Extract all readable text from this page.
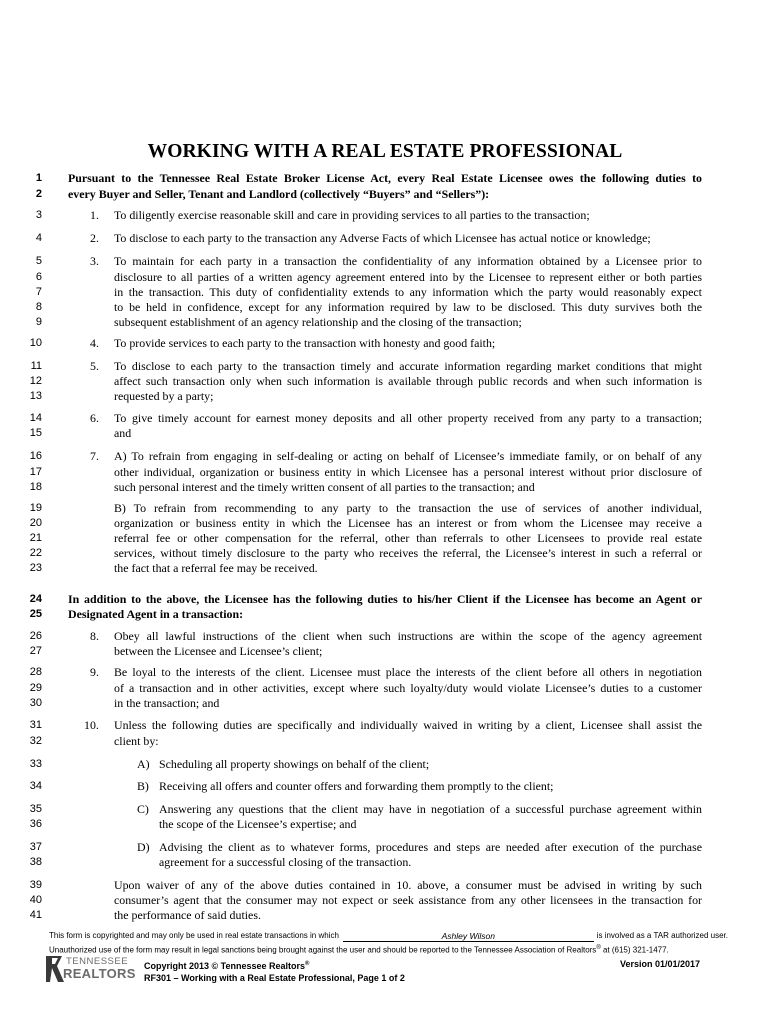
WORKING WITH A REAL ESTATE PROFESSIONAL
1 Pursuant to the Tennessee Real Estate Broker License Act, every Real Estate Licensee owes the following duties to
2 every Buyer and Seller, Tenant and Landlord (collectively “Buyers” and “Sellers”):
3	1. To diligently exercise reasonable skill and care in providing services to all parties to the transaction;
4	2. To disclose to each party to the transaction any Adverse Facts of which Licensee has actual notice or knowledge;
5	3. To maintain for each party in a transaction the confidentiality of any information obtained by a Licensee prior to
6	disclosure to all parties of a written agency agreement entered into by the Licensee to represent either or both parties
7	in the transaction. This duty of confidentiality extends to any information which the party would reasonably expect
8	to be held in confidence, except for any information required by law to be disclosed. This duty survives both the
9	subsequent establishment of an agency relationship and the closing of the transaction;
10	4. To provide services to each party to the transaction with honesty and good faith;
11	5. To disclose to each party to the transaction timely and accurate information regarding market conditions that might
12	affect such transaction only when such information is available through public records and when such information is
13	requested by a party;
14	6. To give timely account for earnest money deposits and all other property received from any party to a transaction;
15	and
16	7. A) To refrain from engaging in self-dealing or acting on behalf of Licensee’s immediate family, or on behalf of any
17	other individual, organization or business entity in which Licensee has a personal interest without prior disclosure of
18	such personal interest and the timely written consent of all parties to the transaction; and
19	B) To refrain from recommending to any party to the transaction the use of services of another individual,
20	organization or business entity in which the Licensee has an interest or from whom the Licensee may receive a
21	referral fee or other compensation for the referral, other than referrals to other Licensees to provide real estate
22	services, without timely disclosure to the party who receives the referral, the Licensee’s interest in such a referral or
23	the fact that a referral fee may be received.
24 In addition to the above, the Licensee has the following duties to his/her Client if the Licensee has become an Agent or
25 Designated Agent in a transaction:
26	8. Obey all lawful instructions of the client when such instructions are within the scope of the agency agreement
27	between the Licensee and Licensee’s client;
28	9. Be loyal to the interests of the client. Licensee must place the interests of the client before all others in negotiation
29	of a transaction and in other activities, except where such loyalty/duty would violate Licensee’s duties to a customer
30	in the transaction; and
31	10. Unless the following duties are specifically and individually waived in writing by a client, Licensee shall assist the
32	client by:
33	A) Scheduling all property showings on behalf of the client;
34	B) Receiving all offers and counter offers and forwarding them promptly to the client;
35	C) Answering any questions that the client may have in negotiation of a successful purchase agreement within
36	the scope of the Licensee’s expertise; and
37	D) Advising the client as to whatever forms, procedures and steps are needed after execution of the purchase
38	agreement for a successful closing of the transaction.
39	Upon waiver of any of the above duties contained in 10. above, a consumer must be advised in writing by such
40	consumer’s agent that the consumer may not expect or seek assistance from any other licensees in the transaction for
41	the performance of said duties.
This form is copyrighted and may only be used in real estate transactions in which	Ashley Wilson	is involved as a TAR authorized user.
Unauthorized use of the form may result in legal sanctions being brought against the user and should be reported to the Tennessee Association of Realtors® at (615) 321-1477.
TENNESSEE
REALTORS Copyright 2013 © Tennessee Realtors®
RF301 – Working with a Real Estate Professional, Page 1 of 2
Version 01/01/2017
